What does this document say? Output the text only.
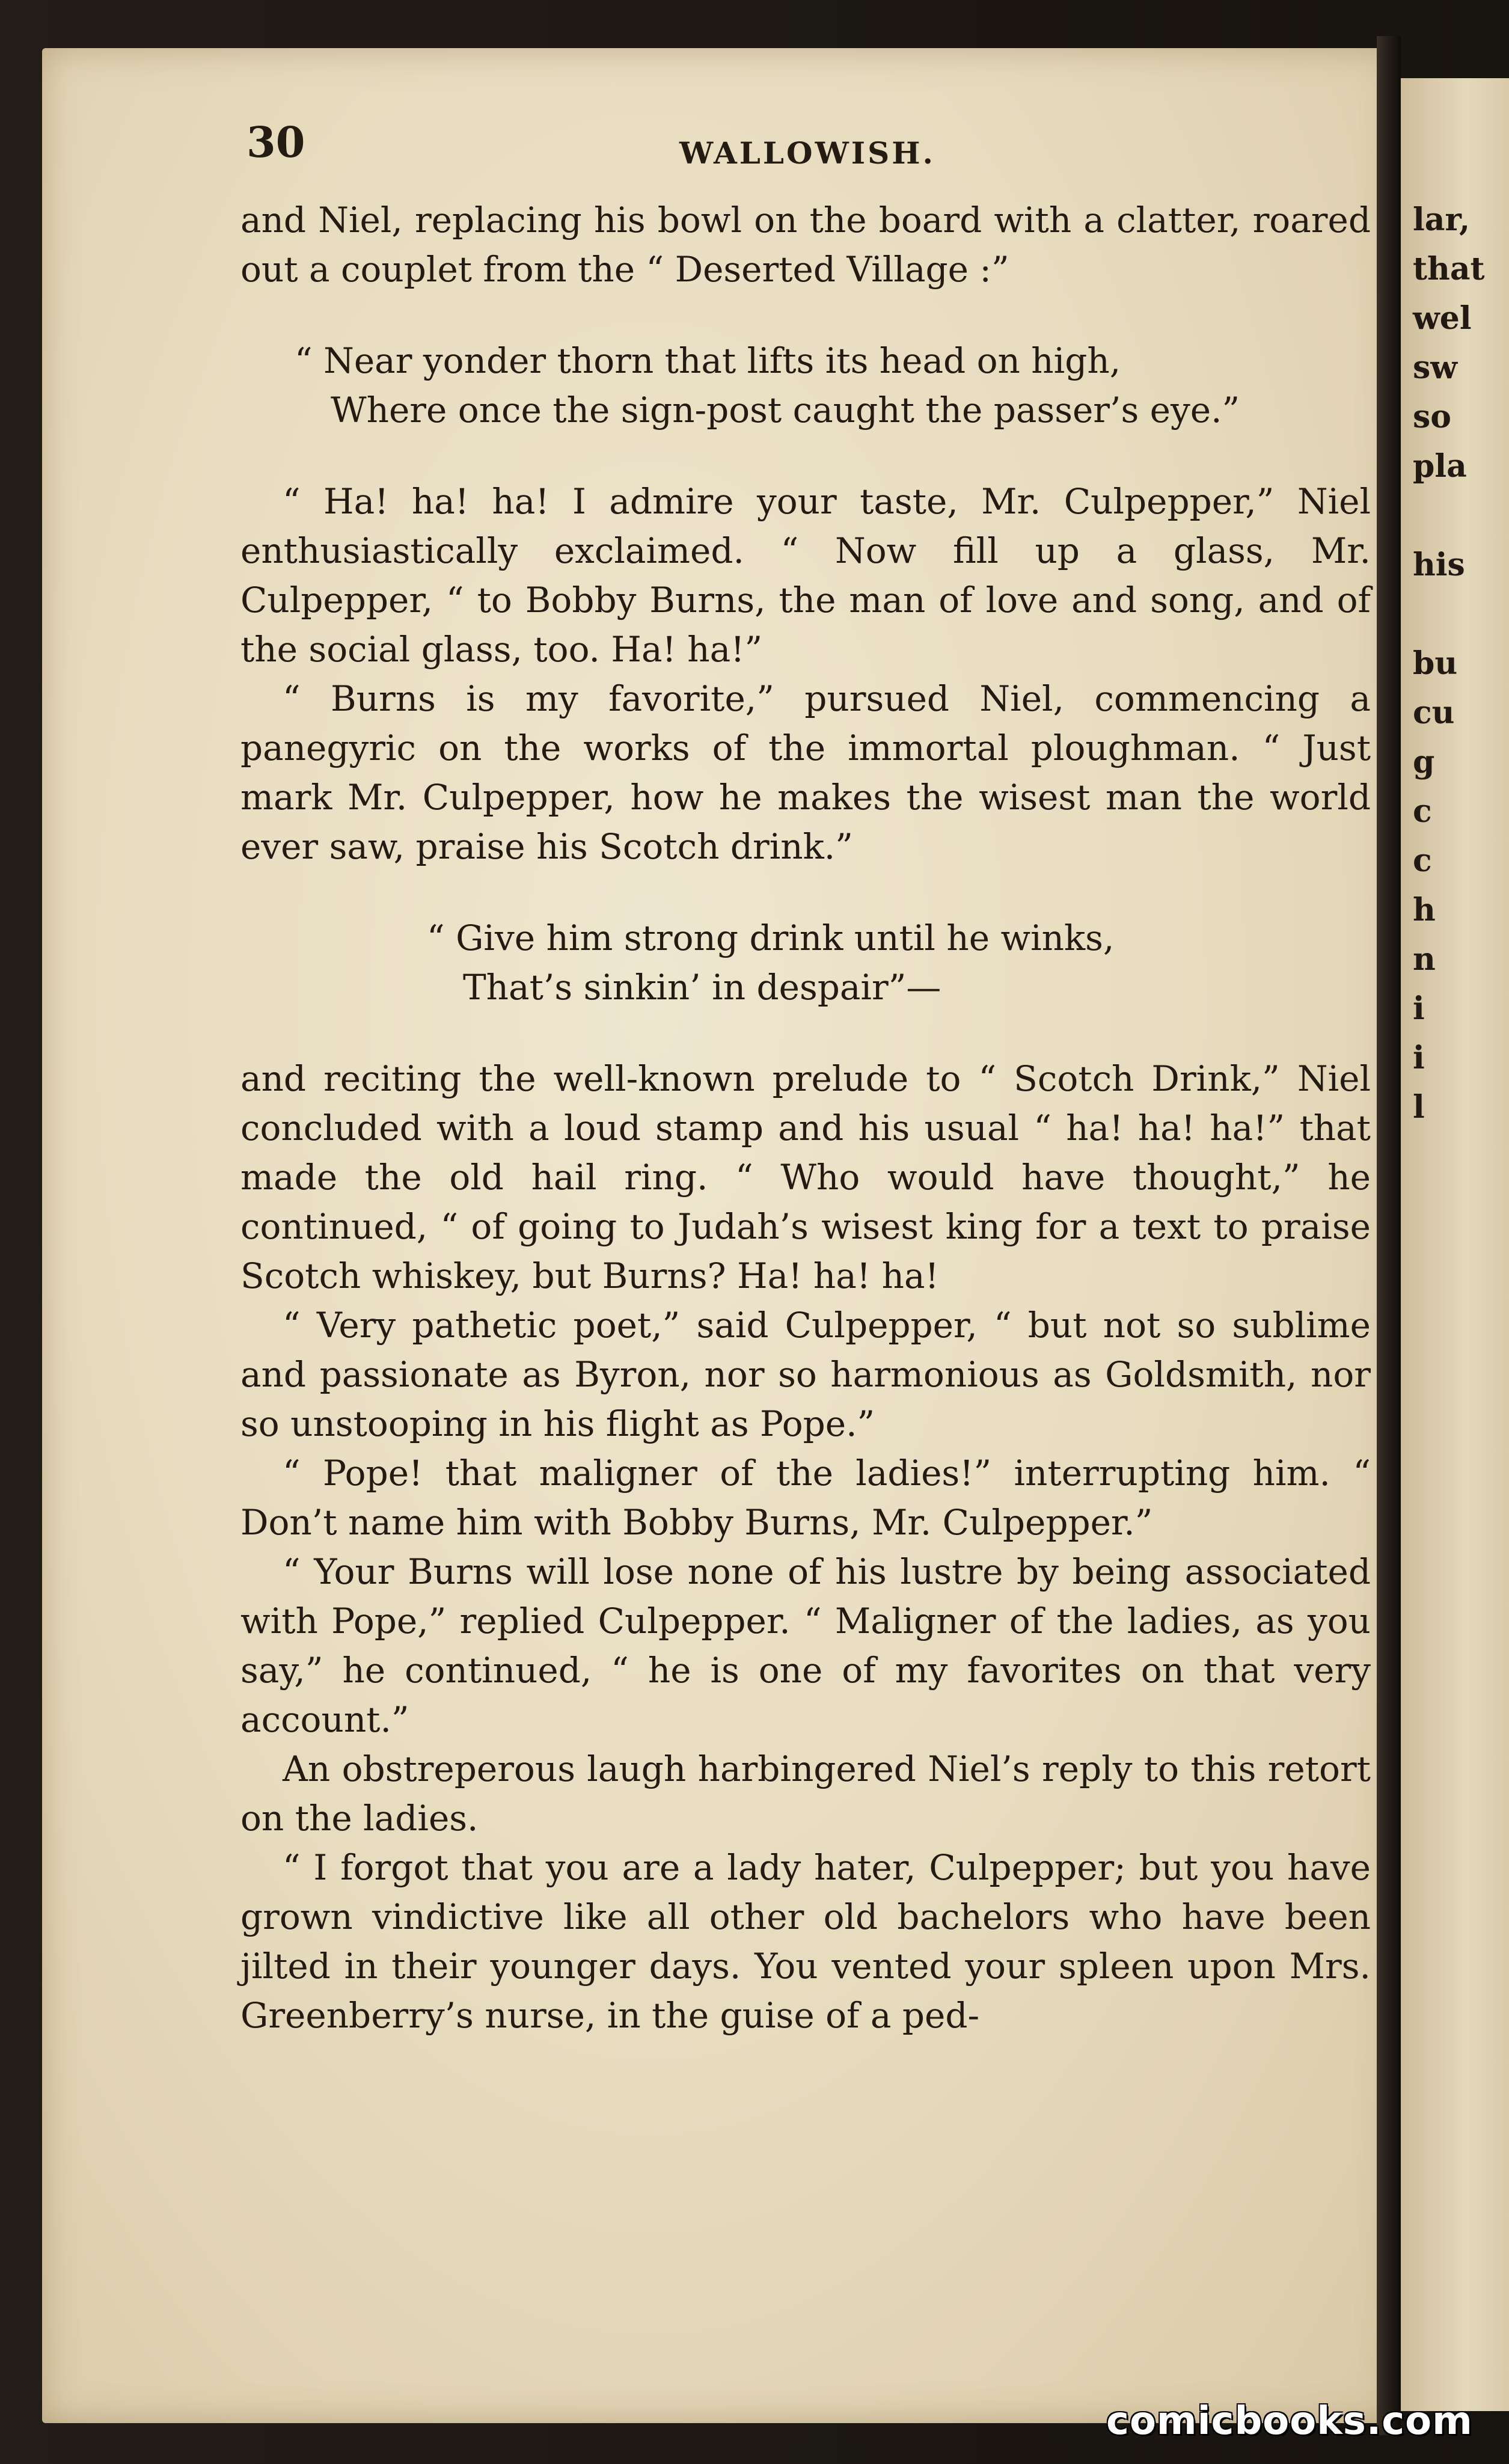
lar,
that
wel
sw
so
pla
his
bu
cu
g
c
c
h
n
i
i
l
30	WALLOWISH.

and Niel, replacing his bowl on the board with a clatter, roared out a couplet from the “ Deserted Village :”

“ Near yonder thorn that lifts its head on high,
Where once the sign-post caught the passer’s eye.”

“ Ha! ha! ha! I admire your taste, Mr. Culpepper,” Niel enthusiastically exclaimed. “ Now fill up a glass, Mr. Culpepper, “ to Bobby Burns, the man of love and song, and of the social glass, too. Ha! ha!”

“ Burns is my favorite,” pursued Niel, commencing a panegyric on the works of the immortal ploughman. “ Just mark Mr. Culpepper, how he makes the wisest man the world ever saw, praise his Scotch drink.”

“ Give him strong drink until he winks,
That’s sinkin’ in despair”—

and reciting the well-known prelude to “ Scotch Drink,” Niel concluded with a loud stamp and his usual “ ha! ha! ha!” that made the old hail ring. “ Who would have thought,” he continued, “ of going to Judah’s wisest king for a text to praise Scotch whiskey, but Burns? Ha! ha! ha!

“ Very pathetic poet,” said Culpepper, “ but not so sublime and passionate as Byron, nor so harmonious as Goldsmith, nor so unstooping in his flight as Pope.”

“ Pope! that maligner of the ladies!” interrupting him. “ Don’t name him with Bobby Burns, Mr. Culpepper.”

“ Your Burns will lose none of his lustre by being associated with Pope,” replied Culpepper. “ Maligner of the ladies, as you say,” he continued, “ he is one of my favorites on that very account.”

An obstreperous laugh harbingered Niel’s reply to this retort on the ladies.

“ I forgot that you are a lady hater, Culpepper; but you have grown vindictive like all other old bachelors who have been jilted in their younger days. You vented your spleen upon Mrs. Greenberry’s nurse, in the guise of a ped-

comicbooks.com
